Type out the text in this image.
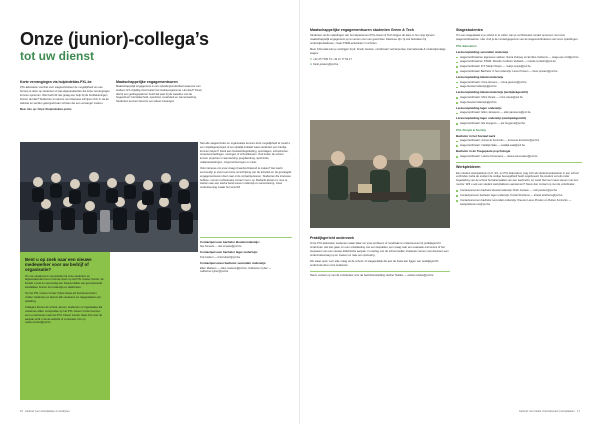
Onze (junior)-collega’s
tot uw dienst
Korte vervangingen via hulpindeklas.PXL.be

PXL-Education voorziet voor stageschooltoer de mogelijkheid om een beroep te doen op studenten of pas afgestudeerden die korte vervangingen kunnen opnemen. Wie heeft dit niet graag een hulp bij de bordtekeningen binnen de klas? Studenten en alumni met interesse schrijven zich in via de website en worden gekoppeld aan scholen die een vervanger zoeken.

Meer info op: https://hulpindeklas.pxl.be

Bent u op zoek naar een nieuwe medewerker voor uw bedrijf of organisatie?

Om uw vacatures te verspreiden bij onze studenten en afgestudeerden kunt u beroep doen op het PXL Career Center. Zo bereikt u snel en eenvoudig een breed publiek van gemotiveerde kandidaten binnen het onderwijs en daarbuiten.

Op het PXL Career Center (https://www.pxl.be/careercenter) vinden studenten en alumni alle vacatures en stageplaatsen per opleiding.

Collega's binnen de school, alumni, studenten of organisaties die vacatures willen verspreiden op het PXL Career Center kunnen een e-mail sturen naar het PXL Career Center. Meer info over de aanpak vindt u via de website of contacteer ons op career.center@pxl.be

Maatschappelijke engagementsuren

Maatschappelijk engagement is een opleidingsonderdeel waarvoor een student zich vrijwillig inzet buiten het studieprogramma. Het doel? Tonen dat hij een gedragspatroon heeft dat past bij de waarden van de hogeschool: betrokkenheid, openheid, creativiteit en samenwerking. Studenten kunnen hiervoor een attest ontvangen.

Niet alle stagescholen en organisaties kennen deze mogelijkheid al. Heeft u een vrijwilligersproject of een tijdelijk initiatief waar studenten een handje kunnen helpen? Denk aan huiswerkbegeleiding, sportdagen, schoolreizen, toneelvoorstellingen, vieringen of schoolfeesten. Ook buiten de school komen projecten in aanmerking: jeugdwerking, sportclubs, vakantiewerkingen, zorgvoorzieningen en meer.

Ook interesse om jouw vraag of aanbod bekend te maken? Het werkt eenvoudig: je stuurt een korte omschrijving van de activiteit en de gevraagde engagementsuren door naar onze contactpersonen. Studenten die interesse hebben, nemen rechtstreeks contact met u op. Bedankt alvast om mee te werken aan een sterke band tussen onderwijs en samenleving. Jouw ondersteuning maakt het verschil!

Contactpersoon bachelor kleuteronderwijs:
Ilse Smeets — ilse.smeets@pxl.be
Contactpersoon bachelor lager onderwijs:
Kris Hubert — kris.hubert@pxl.be
Contactpersonen bachelor secundair onderwijs:
Ellen Martens — ellen.martens@pxl.be; Catherine Cyber — catherine.cyber@pxl.be
16 · Aanbod voor werkplekken en bedrijven
Maatschappelijke engagementsuren studenten Green & Tech

Studenten uit de opleidingen van het departement PXL-Green & Tech krijgen de kans in hun vrije tijd een maatschappelijk engagement op te nemen voor een goed doel. Daarmee zijn zij ook betrokken bij onderwijsinitiatieven, zoals STEM-activiteiten in scholen.

Meer informatie kan je verkrijgen bij dr. Frank Joosten, coördinator vertrekpunten internationale & onderwijsmatige stages:

✆ +32 477 539 74 • 32 11 77 54 17
✉ frank.joosten@pxl.be
Praktijkgericht onderzoek

Onze PXL-Education studenten staan klaar om jouw probleem of noodzaak te ondersteunen bij praktijkgericht onderzoek. Het kan gaan om een ontwikkeling van een lespakket, een vraag naar een evaluatie-instrument of het toepassen van een nieuwe didactische aanpak. In overleg met de school stellen studenten samen met docenten een onderzoeksvraag op en zoeken ze naar een oplossing.

We staan open voor elke vraag uit de school- of stagepraktijk die aan de basis kan liggen van praktijkgericht onderzoek door onze studenten.

Neem contact op met de coördinator voor de bacheloropleiding: Esther Noldus — esther.noldus@pxl.be

Stagestudenten

Om een stageplaats in je school in te vullen, kan je rechtstreeks contact opnemen met onze stagecoördinatoren. Hier vind je de contactgegevens van de stagecoördinatoren van onze opleidingen.

PXL-Education
Lerarenopleiding secundair onderwijs
stagecoördinatoren algemene vakken: Sonia Ouhsay en Emiline Carlsens — stage.sec.ond@pxl.be
stagecoördinatoren STEM: Roselie Cordeiro-Vedaiah — roselie.cordeiro@pxl.be
stagecoördinator ICT: Marijn Wuyts — marijn.wuyts@pxl.be
stagecoördinator Bachelor in het onderwijs: Lieve Pinxten — lieve.pinxten@pxl.be
Lerarenopleiding kleuteronderwijs
stagecoördinator: Ilona Gevens — ilona.gevens@pxl.be
stage.kleuteronderwijs@pxl.be
Lerarenopleiding kleuteronderwijs (werkplekgericht)
stagecoördinator: Mimi Vieste — mimi.vieste@pxl.be
stage.kleuteronderwijs@pxl.be
Lerarenopleiding lager onderwijs
stagecoördinator: Ellen Janssens — ellen.janssens@pxl.be
Lerarenopleiding lager onderwijs (werkplekgericht)
stagecoördinator: Els Huygens — els.huygens@pxl.be
PXL-People & Society
Bachelor in het Sociaal werk
stagecoördinator: Annemie Koninckx — annemie.koninckx@pxl.be
stagecoördinator: Natalija Sala — natalija.sala@pxl.be
Bachelor in de Toegepaste psychologie
stagecoördinator: Lianne Kevenaers — lianne.kevenaers@pxl.be
Werkplekleren

Een student werkplekleren (LO, SO, en PXL Education) mag zich als studentmedewerker in een school verbinden zodra de student de nodige bevoegdheid heeft opgebouwd. De student vervult onder begeleiding van de school het takenpakket van een leerkracht, en werkt hiervoor nauw samen met een mentor. Wilt u ook een student werkplekleren aanwerven? Neem dan contact op met de coördinator.

Contactpersonen bachelor kleuteronderwijs: Ruth Joosten — ruth.joosten@pxl.be
Contactpersoon bachelor lager onderwijs: Kristel Strichens — kristel.strichens@pxl.be
Contactpersonen bachelor secundair onderwijs: Kleuren Lieve Pinxten en Ruben Koninckx — werkplekleren.so@pxl.be
Aanbod voor lokale /internationaal | werkplekken · 17
